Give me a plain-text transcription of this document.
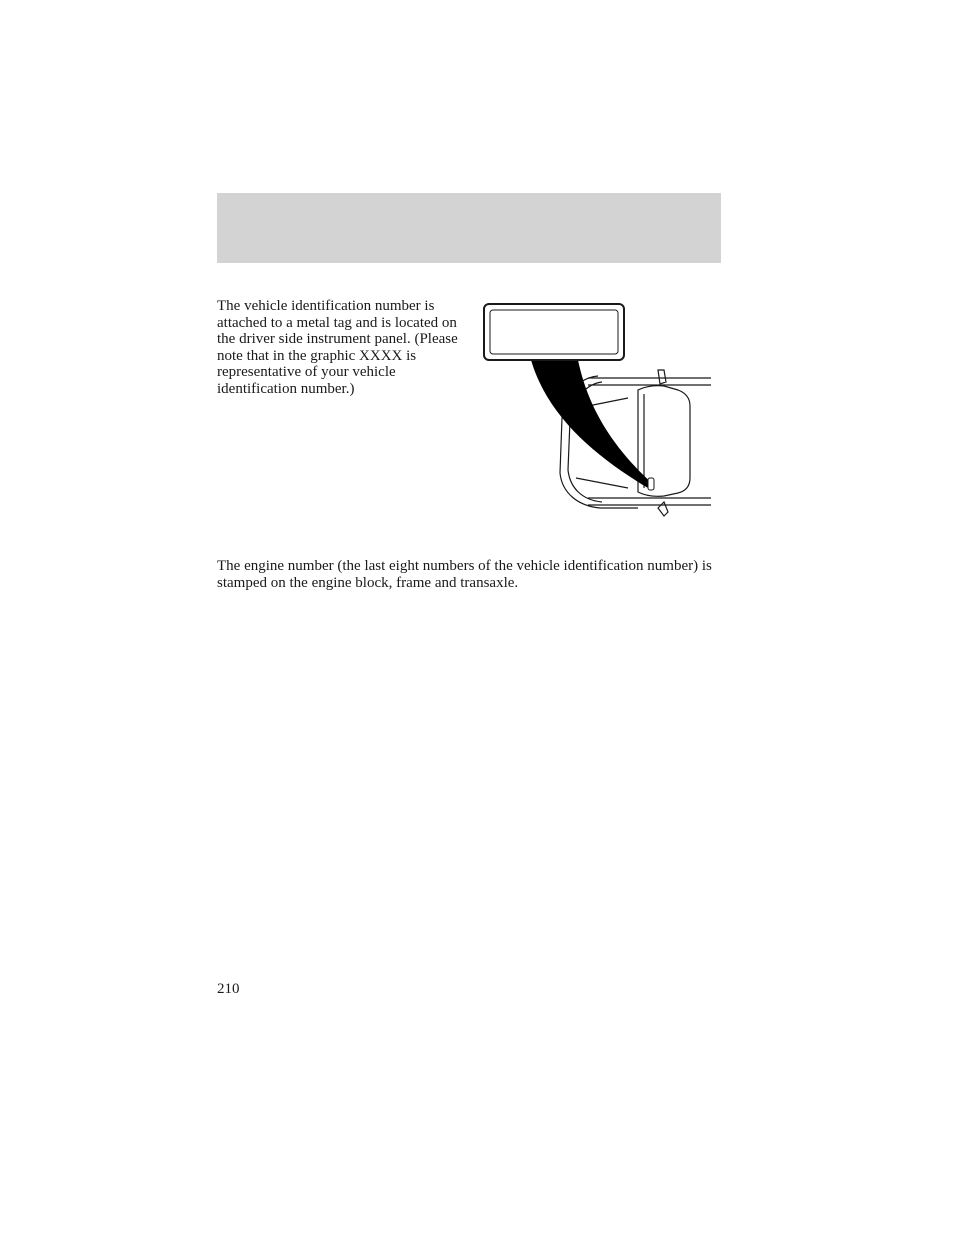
The vehicle identification number is attached to a metal tag and is located on the driver side instrument panel. (Please note that in the graphic XXXX is representative of your vehicle identification number.)

The engine number (the last eight numbers of the vehicle identification number) is stamped on the engine block, frame and transaxle.

210
